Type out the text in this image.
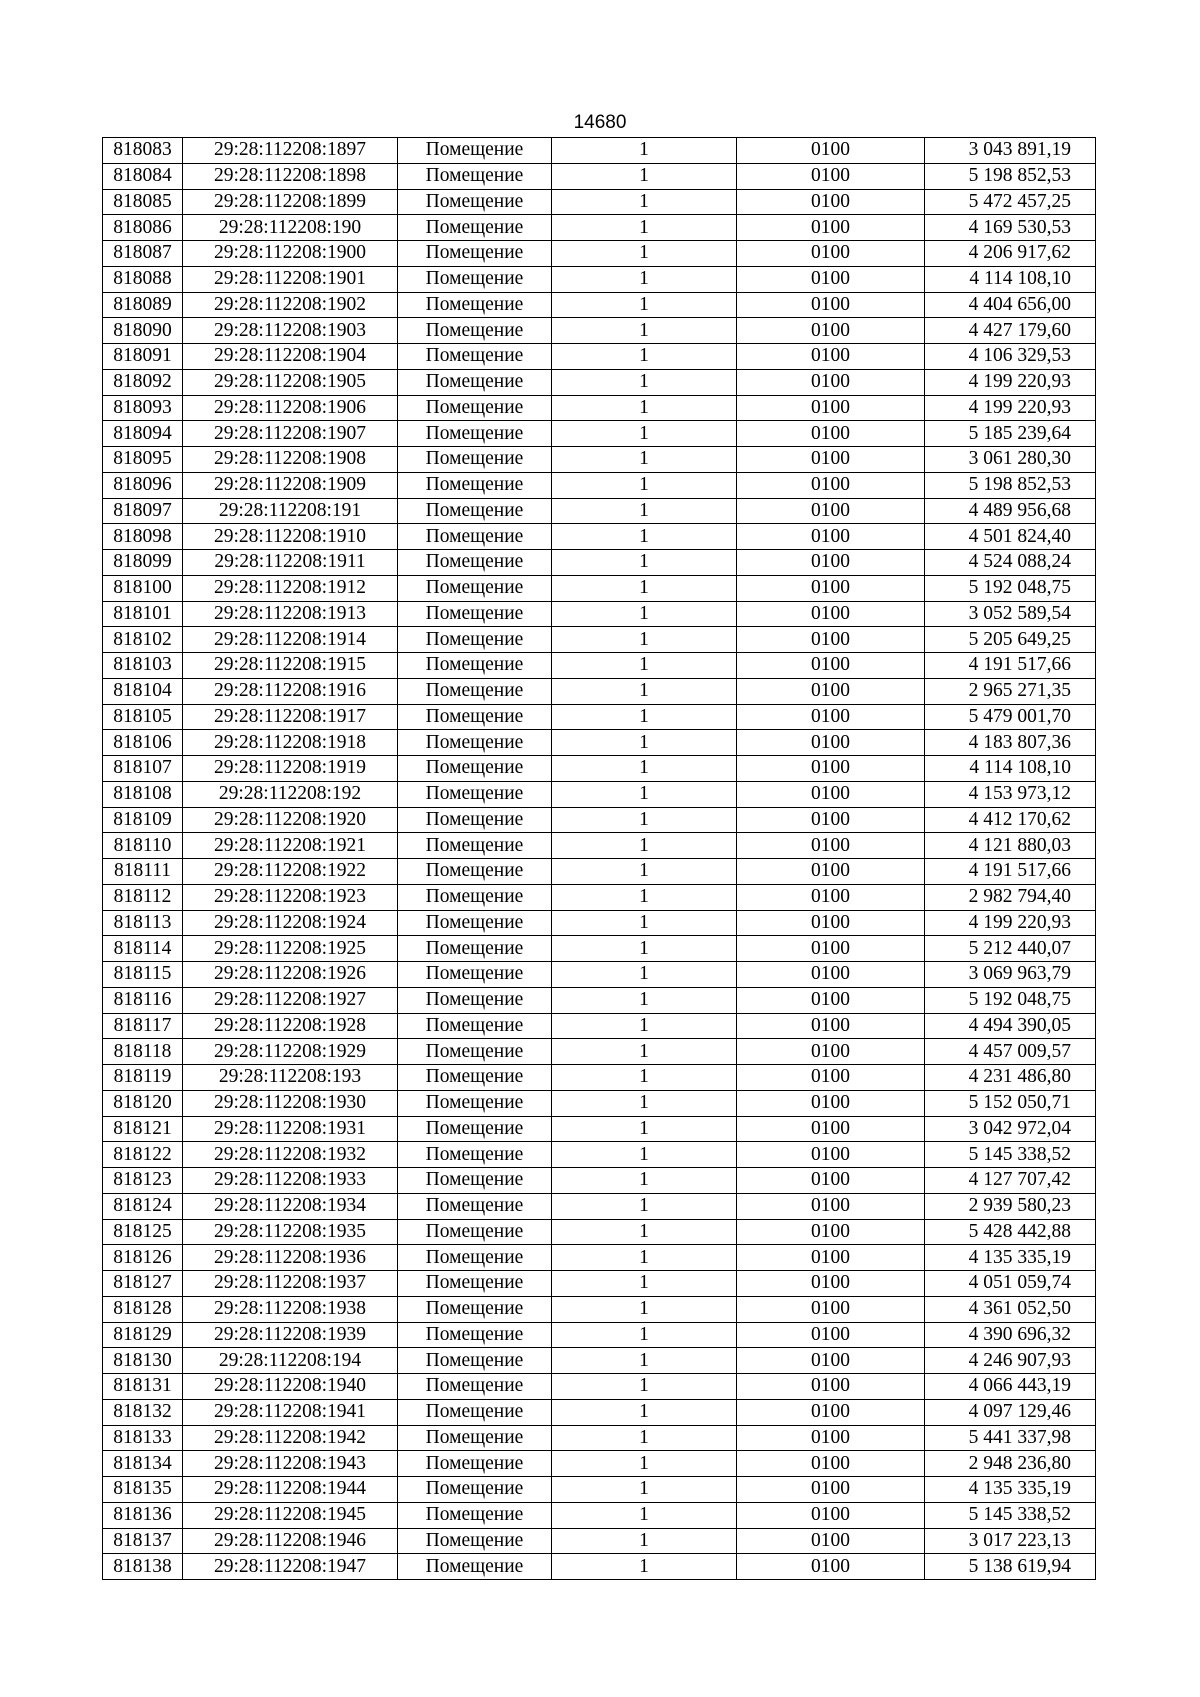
14680
818083	29:28:112208:1897	Помещение	1	0100	3 043 891,19
818084	29:28:112208:1898	Помещение	1	0100	5 198 852,53
818085	29:28:112208:1899	Помещение	1	0100	5 472 457,25
818086	29:28:112208:190	Помещение	1	0100	4 169 530,53
818087	29:28:112208:1900	Помещение	1	0100	4 206 917,62
818088	29:28:112208:1901	Помещение	1	0100	4 114 108,10
818089	29:28:112208:1902	Помещение	1	0100	4 404 656,00
818090	29:28:112208:1903	Помещение	1	0100	4 427 179,60
818091	29:28:112208:1904	Помещение	1	0100	4 106 329,53
818092	29:28:112208:1905	Помещение	1	0100	4 199 220,93
818093	29:28:112208:1906	Помещение	1	0100	4 199 220,93
818094	29:28:112208:1907	Помещение	1	0100	5 185 239,64
818095	29:28:112208:1908	Помещение	1	0100	3 061 280,30
818096	29:28:112208:1909	Помещение	1	0100	5 198 852,53
818097	29:28:112208:191	Помещение	1	0100	4 489 956,68
818098	29:28:112208:1910	Помещение	1	0100	4 501 824,40
818099	29:28:112208:1911	Помещение	1	0100	4 524 088,24
818100	29:28:112208:1912	Помещение	1	0100	5 192 048,75
818101	29:28:112208:1913	Помещение	1	0100	3 052 589,54
818102	29:28:112208:1914	Помещение	1	0100	5 205 649,25
818103	29:28:112208:1915	Помещение	1	0100	4 191 517,66
818104	29:28:112208:1916	Помещение	1	0100	2 965 271,35
818105	29:28:112208:1917	Помещение	1	0100	5 479 001,70
818106	29:28:112208:1918	Помещение	1	0100	4 183 807,36
818107	29:28:112208:1919	Помещение	1	0100	4 114 108,10
818108	29:28:112208:192	Помещение	1	0100	4 153 973,12
818109	29:28:112208:1920	Помещение	1	0100	4 412 170,62
818110	29:28:112208:1921	Помещение	1	0100	4 121 880,03
818111	29:28:112208:1922	Помещение	1	0100	4 191 517,66
818112	29:28:112208:1923	Помещение	1	0100	2 982 794,40
818113	29:28:112208:1924	Помещение	1	0100	4 199 220,93
818114	29:28:112208:1925	Помещение	1	0100	5 212 440,07
818115	29:28:112208:1926	Помещение	1	0100	3 069 963,79
818116	29:28:112208:1927	Помещение	1	0100	5 192 048,75
818117	29:28:112208:1928	Помещение	1	0100	4 494 390,05
818118	29:28:112208:1929	Помещение	1	0100	4 457 009,57
818119	29:28:112208:193	Помещение	1	0100	4 231 486,80
818120	29:28:112208:1930	Помещение	1	0100	5 152 050,71
818121	29:28:112208:1931	Помещение	1	0100	3 042 972,04
818122	29:28:112208:1932	Помещение	1	0100	5 145 338,52
818123	29:28:112208:1933	Помещение	1	0100	4 127 707,42
818124	29:28:112208:1934	Помещение	1	0100	2 939 580,23
818125	29:28:112208:1935	Помещение	1	0100	5 428 442,88
818126	29:28:112208:1936	Помещение	1	0100	4 135 335,19
818127	29:28:112208:1937	Помещение	1	0100	4 051 059,74
818128	29:28:112208:1938	Помещение	1	0100	4 361 052,50
818129	29:28:112208:1939	Помещение	1	0100	4 390 696,32
818130	29:28:112208:194	Помещение	1	0100	4 246 907,93
818131	29:28:112208:1940	Помещение	1	0100	4 066 443,19
818132	29:28:112208:1941	Помещение	1	0100	4 097 129,46
818133	29:28:112208:1942	Помещение	1	0100	5 441 337,98
818134	29:28:112208:1943	Помещение	1	0100	2 948 236,80
818135	29:28:112208:1944	Помещение	1	0100	4 135 335,19
818136	29:28:112208:1945	Помещение	1	0100	5 145 338,52
818137	29:28:112208:1946	Помещение	1	0100	3 017 223,13
818138	29:28:112208:1947	Помещение	1	0100	5 138 619,94
